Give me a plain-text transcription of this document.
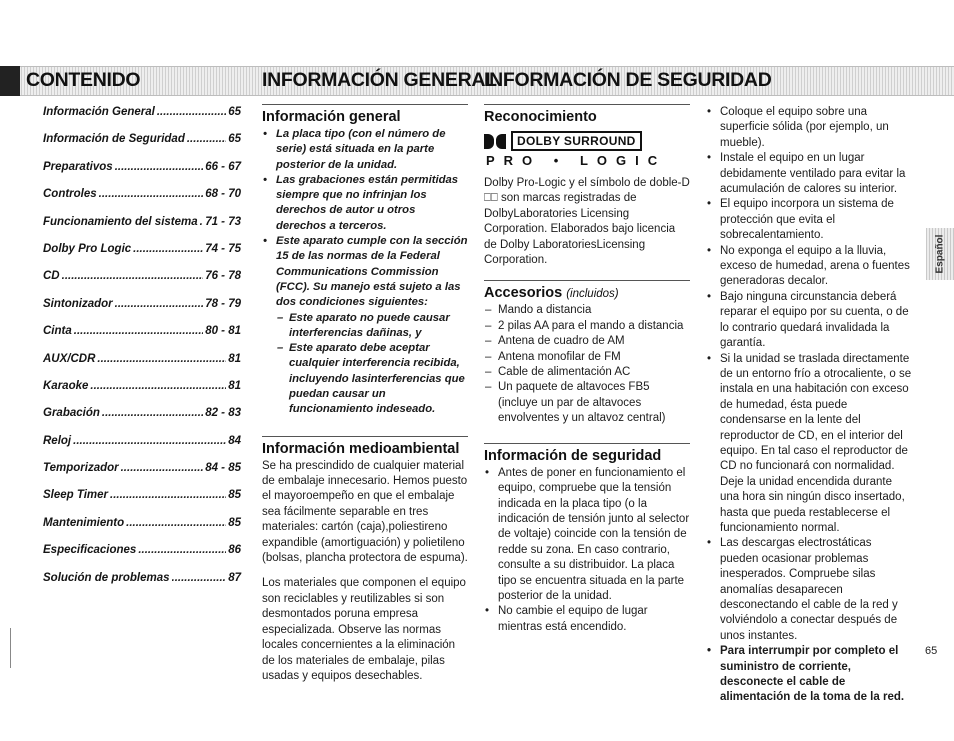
CONTENIDO	INFORMACIÓN GENERAL
INFORMACIÓN DE SEGURIDAD
Información General .....	65
Información de Seguridad .....	65
Preparativos .....	66 - 67
Controles .....	68 - 70
Funcionamiento del sistema ..... 71 - 73
Dolby Pro Logic .....	74 - 75
CD .....	76 - 78
Sintonizador .....	78 - 79
Cinta .....	80 - 81
AUX/CDR .....	81
Karaoke .....	81
Grabación .....	82 - 83
Reloj .....	84
Temporizador .....	84 - 85
Sleep Timer .....	85
Mantenimiento .....	85
Especificaciones .....	86
Solución de problemas .....	87
Información general
• La placa tipo (con el número de serie) está situada en la parte posterior de la unidad.
• Las grabaciones están permitidas siempre que no infrinjan los derechos de autor u otros derechos a terceros.
• Este aparato cumple con la sección 15 de las normas de la Federal Communications Commission (FCC). Su manejo está sujeto a las dos condiciones siguientes:
– Este aparato no puede causar interferencias dañinas, y
– Este aparato debe aceptar cualquier interferencia recibida, incluyendo lasinterferencias que puedan causar un funcionamiento indeseado.
Información medioambiental
Se ha prescindido de cualquier material de embalaje innecesario. Hemos puesto el mayoroempeño en que el embalaje sea fácilmente separable en tres materiales: cartón (caja),poliestireno expandible (amortiguación) y polietileno (bolsas, plancha protectora de espuma).
Los materiales que componen el equipo son reciclables y reutilizables si son desmontados poruna empresa especializada. Observe las normas locales concernientes a la eliminación de los materiales de embalaje, pilas usadas y equipos desechables.
Reconocimiento
DOLBY SURROUND
PRO • LOGIC
Dolby Pro-Logic y el símbolo de doble-D ⎕⎕ son marcas registradas de DolbyLaboratories Licensing Corporation. Elaborados bajo licencia de Dolby LaboratoriesLicensing Corporation.
Accesorios (incluidos)
– Mando a distancia
– 2 pilas AA para el mando a distancia
– Antena de cuadro de AM
– Antena monofilar de FM
– Cable de alimentación AC
– Un paquete de altavoces FB5 (incluye un par de altavoces envolventes y un altavoz central)
Información de seguridad
• Antes de poner en funcionamiento el equipo, compruebe que la tensión indicada en la placa tipo (o la indicación de tensión junto al selector de voltaje) coincide con la tensión de redde su zona. En caso contrario, consulte a su distribuidor. La placa tipo se encuentra situada en la parte posterior de la unidad.
• No cambie el equipo de lugar mientras está encendido.
• Coloque el equipo sobre una superficie sólida (por ejemplo, un mueble).
• Instale el equipo en un lugar debidamente ventilado para evitar la acumulación de calores su interior.
• El equipo incorpora un sistema de protección que evita el sobrecalentamiento.
• No exponga el equipo a la lluvia, exceso de humedad, arena o fuentes generadoras decalor.
• Bajo ninguna circunstancia deberá reparar el equipo por su cuenta, o de lo contrario quedará invalidada la garantía.
• Si la unidad se traslada directamente de un entorno frío a otrocaliente, o se instala en una habitación con exceso de humedad, ésta puede condensarse en la lente del reproductor de CD, en el interior del equipo. En tal caso el reproductor de CD no funcionará con normalidad. Deje la unidad encendida durante una hora sin ningún disco insertado, hasta que pueda restablecerse el funcionamiento normal.
• Las descargas electrostáticas pueden ocasionar problemas inesperados. Compruebe silas anomalías desaparecen desconectando el cable de la red y volviéndolo a conectar después de unos instantes.
• Para interrumpir por completo el suministro de corriente, desconecte el cable de alimentación de la toma de la red.
Español
65
